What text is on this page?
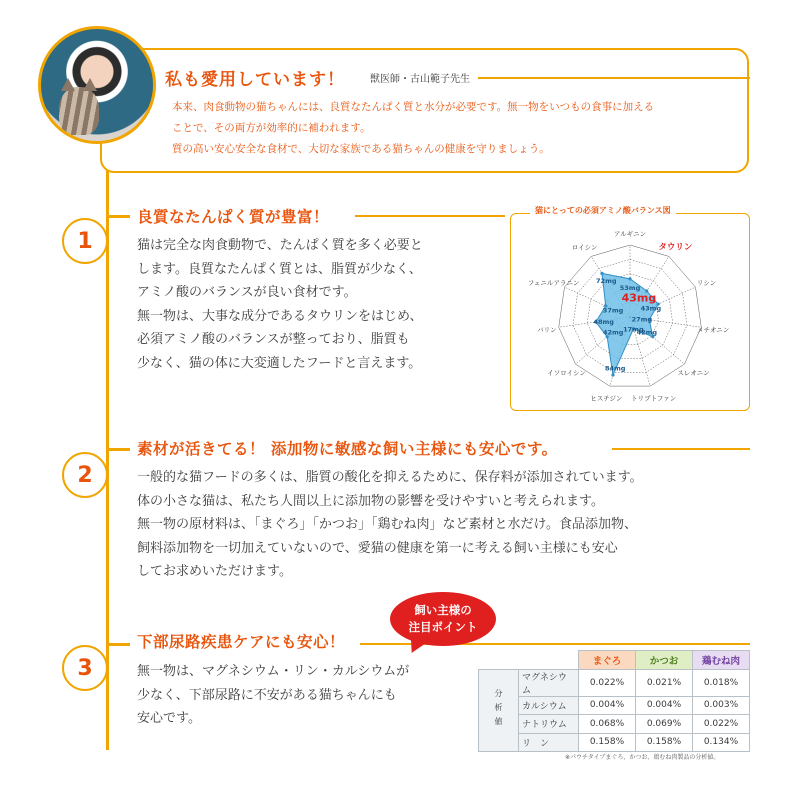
私も愛用しています！	獣医師・古山範子先生
本来、肉食動物の猫ちゃんには、良質なたんぱく質と水分が必要です。無一物をいつもの食事に加える
ことで、その両方が効率的に補われます。
質の高い安心安全な食材で、大切な家族である猫ちゃんの健康を守りましょう。
1
良質なたんぱく質が豊富！
猫は完全な肉食動物で、たんぱく質を多く必要と
します。良質なたんぱく質とは、脂質が少なく、
アミノ酸のバランスが良い食材です。
無一物は、大事な成分であるタウリンをはじめ、
必須アミノ酸のバランスが整っており、脂質も
少なく、猫の体に大変適したフードと言えます。
アルギニン
タウリン
リシン
メチオニン
スレオニン
トリプトファン
ヒスチジン
イソロイシン
バリン
フェニルアラニン
ロイシン
53mg
43mg
43mg
27mg
42mg
17mg
84mg
42mg
48mg
37mg
72mg
猫にとっての必須アミノ酸バランス図
2
素材が活きてる！ 添加物に敏感な飼い主様にも安心です。
一般的な猫フードの多くは、脂質の酸化を抑えるために、保存料が添加されています。
体の小さな猫は、私たち人間以上に添加物の影響を受けやすいと考えられます。
無一物の原材料は、「まぐろ」「かつお」「鶏むね肉」など素材と水だけ。食品添加物、
飼料添加物を一切加えていないので、愛猫の健康を第一に考える飼い主様にも安心
してお求めいただけます。
3
下部尿路疾患ケアにも安心！
無一物は、マグネシウム・リン・カルシウムが
少なく、下部尿路に不安がある猫ちゃんにも
安心です。
飼い主様の
注目ポイント
		まぐろ	かつお	鶏むね肉
分析値	マグネシウム	0.022%	0.021%	0.018%
	カルシウム	0.004%	0.004%	0.003%
	ナトリウム	0.068%	0.069%	0.022%
	リ　ン	0.158%	0.158%	0.134%
※パウチタイプまぐろ、かつお、鶏むね肉製品の分析値。
